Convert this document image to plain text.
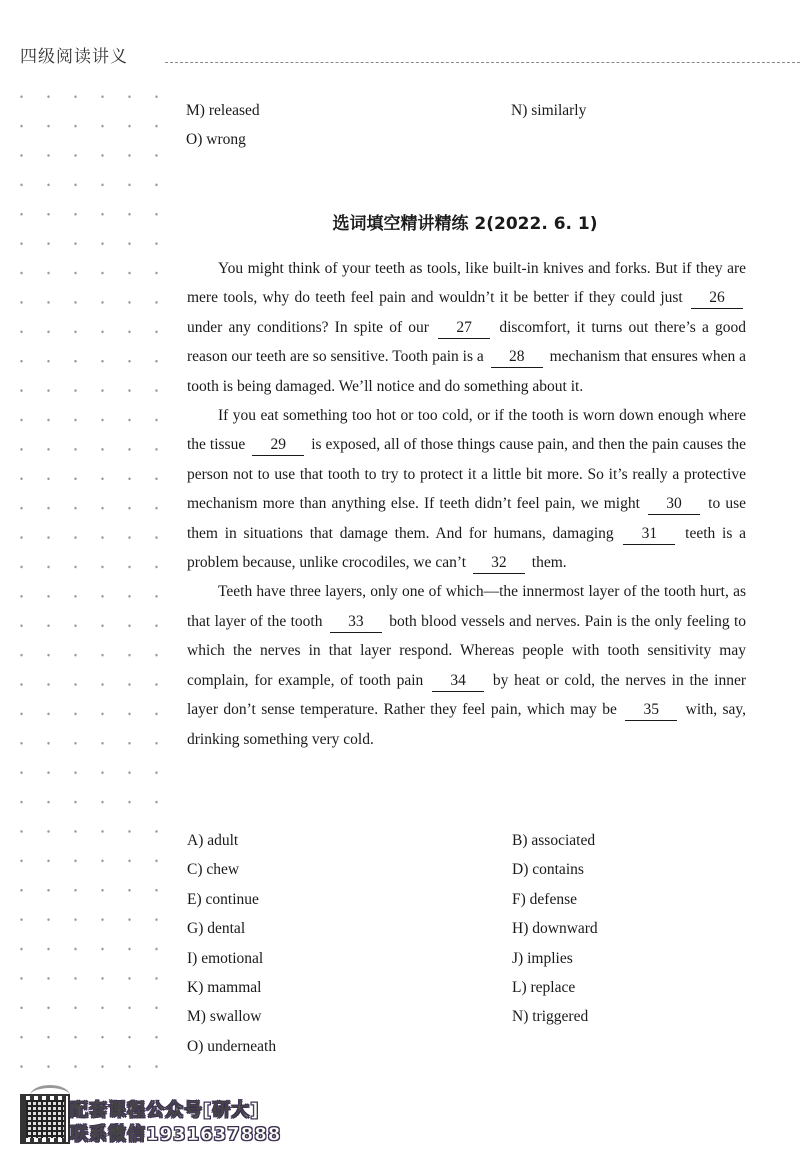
四级阅读讲义
M) released	N) similarly
O) wrong
选词填空精讲精练 2(2022. 6. 1)

You might think of your teeth as tools, like built-in knives and forks. But if they are mere tools, why do teeth feel pain and wouldn’t it be better if they could just 26 under any conditions? In spite of our 27 discomfort, it turns out there’s a good reason our teeth are so sensitive. Tooth pain is a 28 mechanism that ensures when a tooth is being damaged. We’ll notice and do something about it.

If you eat something too hot or too cold, or if the tooth is worn down enough where the tissue 29 is exposed, all of those things cause pain, and then the pain causes the person not to use that tooth to try to protect it a little bit more. So it’s really a protective mechanism more than anything else. If teeth didn’t feel pain, we might 30 to use them in situations that damage them. And for humans, damaging 31 teeth is a problem because, unlike crocodiles, we can’t 32 them.

Teeth have three layers, only one of which—the innermost layer of the tooth hurt, as that layer of the tooth 33 both blood vessels and nerves. Pain is the only feeling to which the nerves in that layer respond. Whereas people with tooth sensitivity may complain, for example, of tooth pain 34 by heat or cold, the nerves in the inner layer don’t sense temperature. Rather they feel pain, which may be 35 with, say, drinking something very cold.

A) adult	B) associated
C) chew	D) contains
E) continue	F) defense
G) dental	H) downward
I) emotional	J) implies
K) mammal	L) replace
M) swallow	N) triggered
O) underneath
配套课程公众号[研大]
联系微信1931637888
